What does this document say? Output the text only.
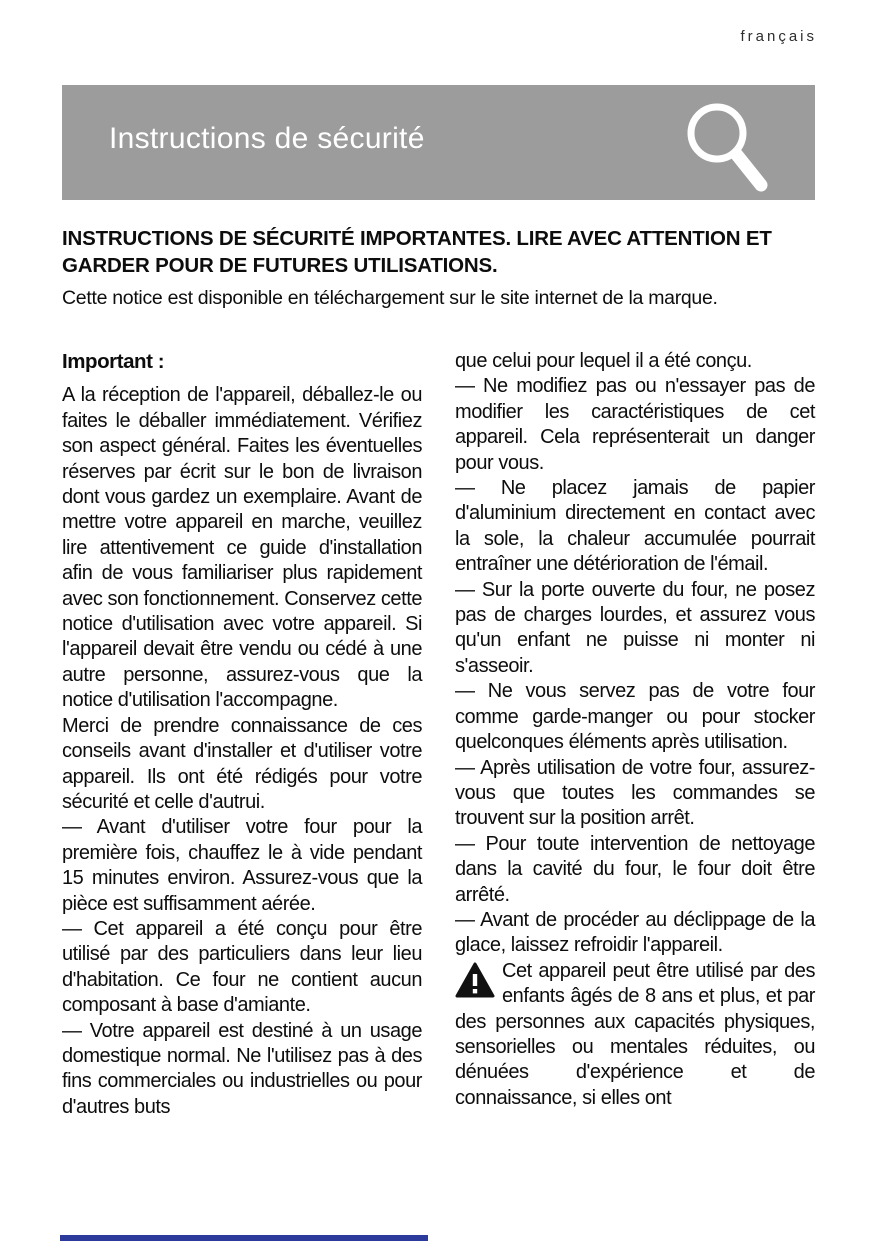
français
Instructions de sécurité
INSTRUCTIONS DE SÉCURITÉ IMPORTANTES. LIRE AVEC ATTENTION ET GARDER POUR DE FUTURES UTILISATIONS.

Cette notice est disponible en téléchargement sur le site internet de la marque.

Important :

A la réception de l'appareil, déballez-le ou faites le déballer immédiatement. Vérifiez son aspect général. Faites les éventuelles réserves par écrit sur le bon de livraison dont vous gardez un exemplaire. Avant de mettre votre appareil en marche, veuillez lire attentivement ce guide d'installation afin de vous familiariser plus rapidement avec son fonctionnement. Conservez cette notice d'utilisation avec votre appareil. Si l'appareil devait être vendu ou cédé à une autre personne, assurez-vous que la notice d'utilisation l'accompagne.

Merci de prendre connaissance de ces conseils avant d'installer et d'utiliser votre appareil. Ils ont été rédigés pour votre sécurité et celle d'autrui.

— Avant d'utiliser votre four pour la première fois, chauffez le à vide pendant 15 minutes environ. Assurez-vous que la pièce est suffisamment aérée.

— Cet appareil a été conçu pour être utilisé par des particuliers dans leur lieu d'habitation. Ce four ne contient aucun composant à base d'amiante.

— Votre appareil est destiné à un usage domestique normal. Ne l'utilisez pas à des fins commerciales ou industrielles ou pour d'autres buts

que celui pour lequel il a été conçu.

— Ne modifiez pas ou n'essayer pas de modifier les caractéristiques de cet appareil. Cela représenterait un danger pour vous.

— Ne placez jamais de papier d'aluminium directement en contact avec la sole, la chaleur accumulée pourrait entraîner une détérioration de l'émail.

— Sur la porte ouverte du four, ne posez pas de charges lourdes, et assurez vous qu'un enfant ne puisse ni monter ni s'asseoir.

— Ne vous servez pas de votre four comme garde-manger ou pour stocker quelconques éléments après utilisation.

— Après utilisation de votre four, assurez-vous que toutes les commandes se trouvent sur la position arrêt.

— Pour toute intervention de nettoyage dans la cavité du four, le four doit être arrêté.

— Avant de procéder au déclippage de la glace, laissez refroidir l'appareil.

Cet appareil peut être utilisé par des enfants âgés de 8 ans et plus, et par des personnes aux capacités physiques, sensorielles ou mentales réduites, ou dénuées d'expérience et de connaissance, si elles ont
